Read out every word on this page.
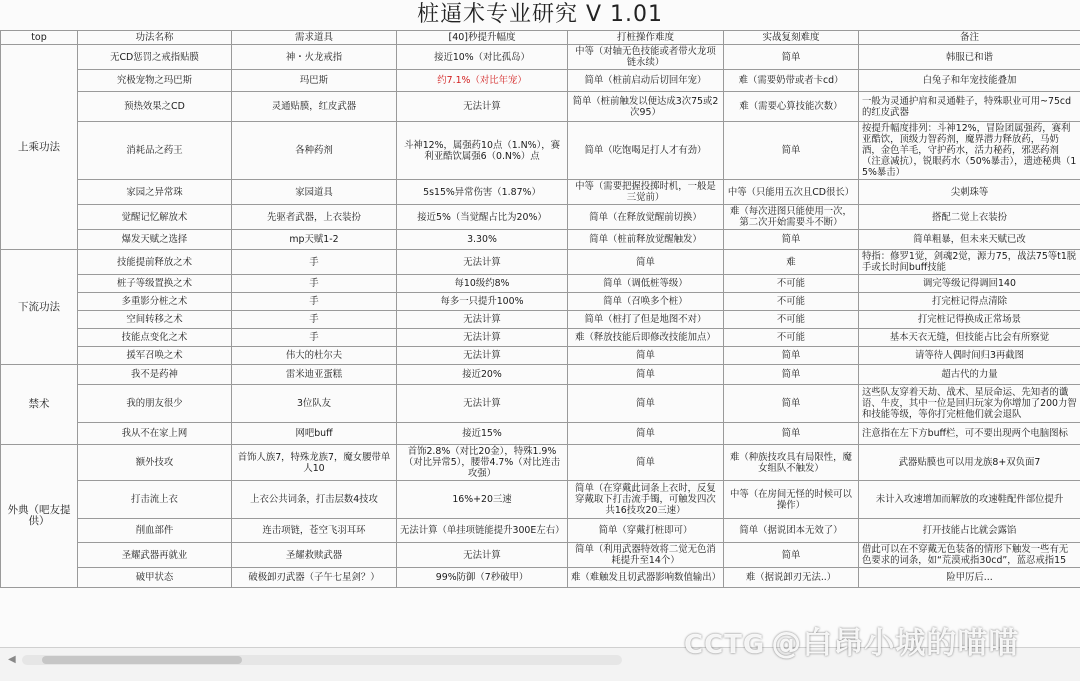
桩逼术专业研究 V 1.01
top	功法名称	需求道具	[40]秒提升幅度	打桩操作难度	实战复刻难度	备注
上乘功法	无CD惩罚之戒指贴膜	神・火龙戒指	接近10%（对比孤岛）	中等（对轴无色技能或者带火龙项链永续）	简单	韩服已和谐
	究极宠物之玛巴斯	玛巴斯	约7.1%（对比年宠）	简单（桩前启动后切回年宠）	难（需要奶带或者卡cd）	白兔子和年宠技能叠加
	预热效果之CD	灵通贴膜，红皮武器	无法计算	简单（桩前触发以便达成3次75或2次95）	难（需要心算技能次数）	一般为灵通护肩和灵通鞋子，特殊职业可用~75cd的红皮武器
	消耗品之药王	各种药剂	斗神12%，属强药10点（1.N%），赛利亚酷饮属强6（0.N%）点	简单（吃饱喝足打人才有劲）	简单	按提升幅度排列：斗神12%，冒险团属强药，赛利亚酷饮，顶级力智药剂，魔界潜力释放药，马奶酒，金色羊毛，守护药水，活力秘药，邪恶药剂（注意减抗），锐眼药水（50%暴击），遗迹秘典（15%暴击）
	家园之异常珠	家园道具	5s15%异常伤害（1.87%）	中等（需要把握投掷时机，一般是三觉前）	中等（只能用五次且CD很长）	尖刺珠等
	觉醒记忆解放术	先驱者武器，上衣装扮	接近5%（当觉醒占比为20%）	简单（在释放觉醒前切换）	难（每次进图只能使用一次，第二次开始需要斗不断）	搭配二觉上衣装扮
	爆发天赋之选择	mp天赋1-2	3.30%	简单（桩前释放觉醒触发）	简单	简单粗暴，但未来天赋已改
下流功法	技能提前释放之术	手	无法计算	简单	难	特指：修罗1觉，剑魂2觉，源力75，战法75等t1脱手或长时间buff技能
	桩子等级置换之术	手	每10级约8%	简单（调低桩等级）	不可能	调完等级记得调回140
	多重影分桩之术	手	每多一只提升100%	简单（召唤多个桩）	不可能	打完桩记得点清除
	空间转移之术	手	无法计算	简单（桩打了但是地图不对）	不可能	打完桩记得换成正常场景
	技能点变化之术	手	无法计算	难（释放技能后即修改技能加点）	不可能	基本天衣无缝，但技能占比会有所察觉
	援军召唤之术	伟大的杜尔夫	无法计算	简单	简单	请等待人偶时间归3再截图
禁术	我不是药神	雷米迪亚蛋糕	接近20%	简单	简单	超古代的力量
	我的朋友很少	3位队友	无法计算	简单	简单	这些队友穿着天劫、战术、星辰命运、先知者的谶语、牛皮，其中一位是回归玩家为你增加了200力智和技能等级，等你打完桩他们就会退队
	我从不在家上网	网吧buff	接近15%	简单	简单	注意指在左下方buff栏，可不要出现两个电脑图标
外典（吧友提供）	额外技攻	首饰人族7，特殊龙族7，魔女腰带单人10	首饰2.8%（对比20金），特殊1.9%（对比异常5），腰带4.7%（对比连击攻强）	简单	难（种族技攻具有局限性，魔女组队不触发）	武器贴膜也可以用龙族8+双负面7
	打击流上衣	上衣公共词条，打击层数4技攻	16%+20三速	简单（在穿戴此词条上衣时，反复穿戴取下打击流手镯，可触发四次共16技攻20三速）	中等（在房间无怪的时候可以操作）	未计入攻速增加而解放的攻速鞋配件部位提升
	削血部件	连击项链，苍空飞羽耳环	无法计算（单挂项链能提升300E左右）	简单（穿戴打桩即可）	简单（据说团本无效了）	打开技能占比就会露馅
	圣耀武器再就业	圣耀救赎武器	无法计算	简单（利用武器特效将二觉无色消耗提升至14个）	简单	借此可以在不穿戴无色装备的情形下触发一些有无色要求的词条，如“荒漠戒指30cd”，蓝忍戒指15
	破甲状态	破极卸刃武器（子午七星剑？）	99%防御（7秒破甲）	难（难触发且切武器影响数值输出）	难（据说卸刃无法..）	险甲厉后...
◀	CCTG @白昂小城的喵喵
